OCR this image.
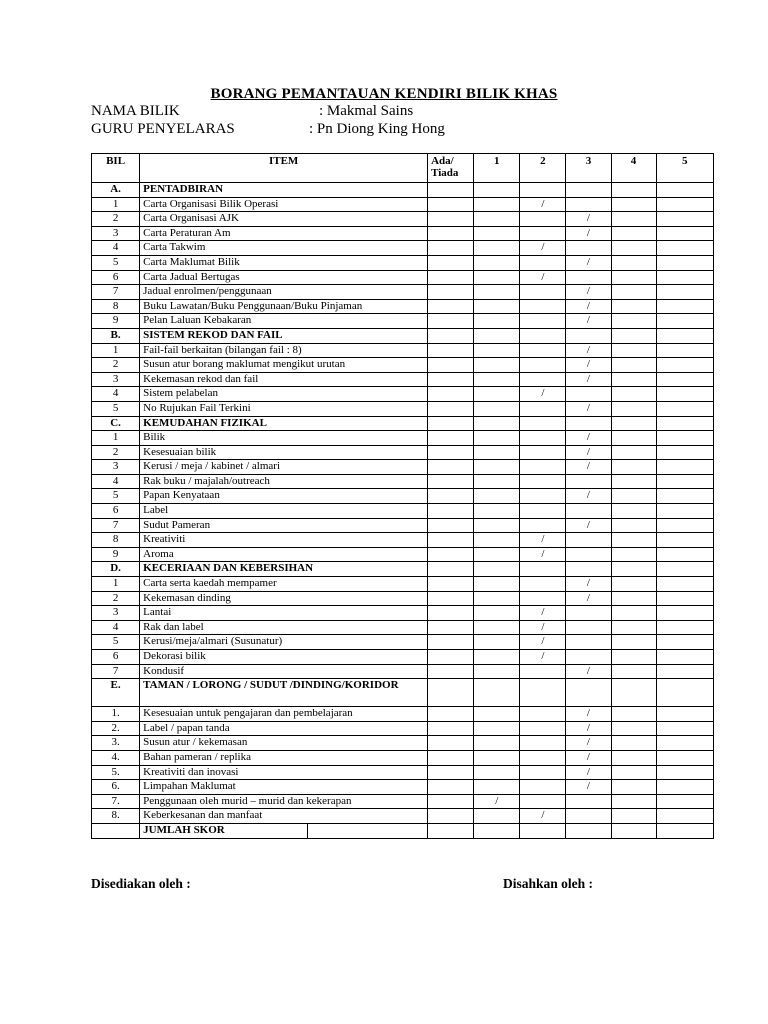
BORANG PEMANTAUAN KENDIRI BILIK KHAS
NAMA BILIK	: Makmal Sains
GURU PENYELARAS	: Pn Diong King Hong
BIL	ITEM		Ada/ Tiada	1	2	3	4	5
A.	PENTADBIRAN							
1	Carta Organisasi Bilik Operasi				/			
2	Carta Organisasi AJK					/		
3	Carta Peraturan Am					/		
4	Carta Takwim				/			
5	Carta Maklumat Bilik					/		
6	Carta Jadual Bertugas				/			
7	Jadual enrolmen/penggunaan					/		
8	Buku Lawatan/Buku Penggunaan/Buku Pinjaman					/		
9	Pelan Laluan Kebakaran					/		
B.	SISTEM REKOD DAN FAIL							
1	Fail-fail berkaitan (bilangan fail : 8)					/		
2	Susun atur borang maklumat mengikut urutan					/		
3	Kekemasan rekod dan fail					/		
4	Sistem pelabelan				/			
5	No Rujukan Fail Terkini					/		
C.	KEMUDAHAN FIZIKAL							
1	Bilik					/		
2	Kesesuaian bilik					/		
3	Kerusi / meja / kabinet / almari					/		
4	Rak buku / majalah/outreach							
5	Papan Kenyataan					/		
6	Label							
7	Sudut Pameran					/		
8	Kreativiti				/			
9	Aroma				/			
D.	KECERIAAN DAN KEBERSIHAN							
1	Carta serta kaedah mempamer					/		
2	Kekemasan dinding					/		
3	Lantai				/			
4	Rak dan label				/			
5	Kerusi/meja/almari (Susunatur)				/			
6	Dekorasi bilik				/			
7	Kondusif					/		
E.	TAMAN / LORONG / SUDUT /DINDING/KORIDOR							
1.	Kesesuaian untuk pengajaran dan pembelajaran					/		
2.	Label / papan tanda					/		
3.	Susun atur / kekemasan					/		
4.	Bahan pameran / replika					/		
5.	Kreativiti dan inovasi					/		
6.	Limpahan Maklumat					/		
7.	Penggunaan oleh murid – murid dan kekerapan			/				
8.	Keberkesanan dan manfaat				/			
	JUMLAH SKOR							
Disediakan oleh :	Disahkan oleh :
